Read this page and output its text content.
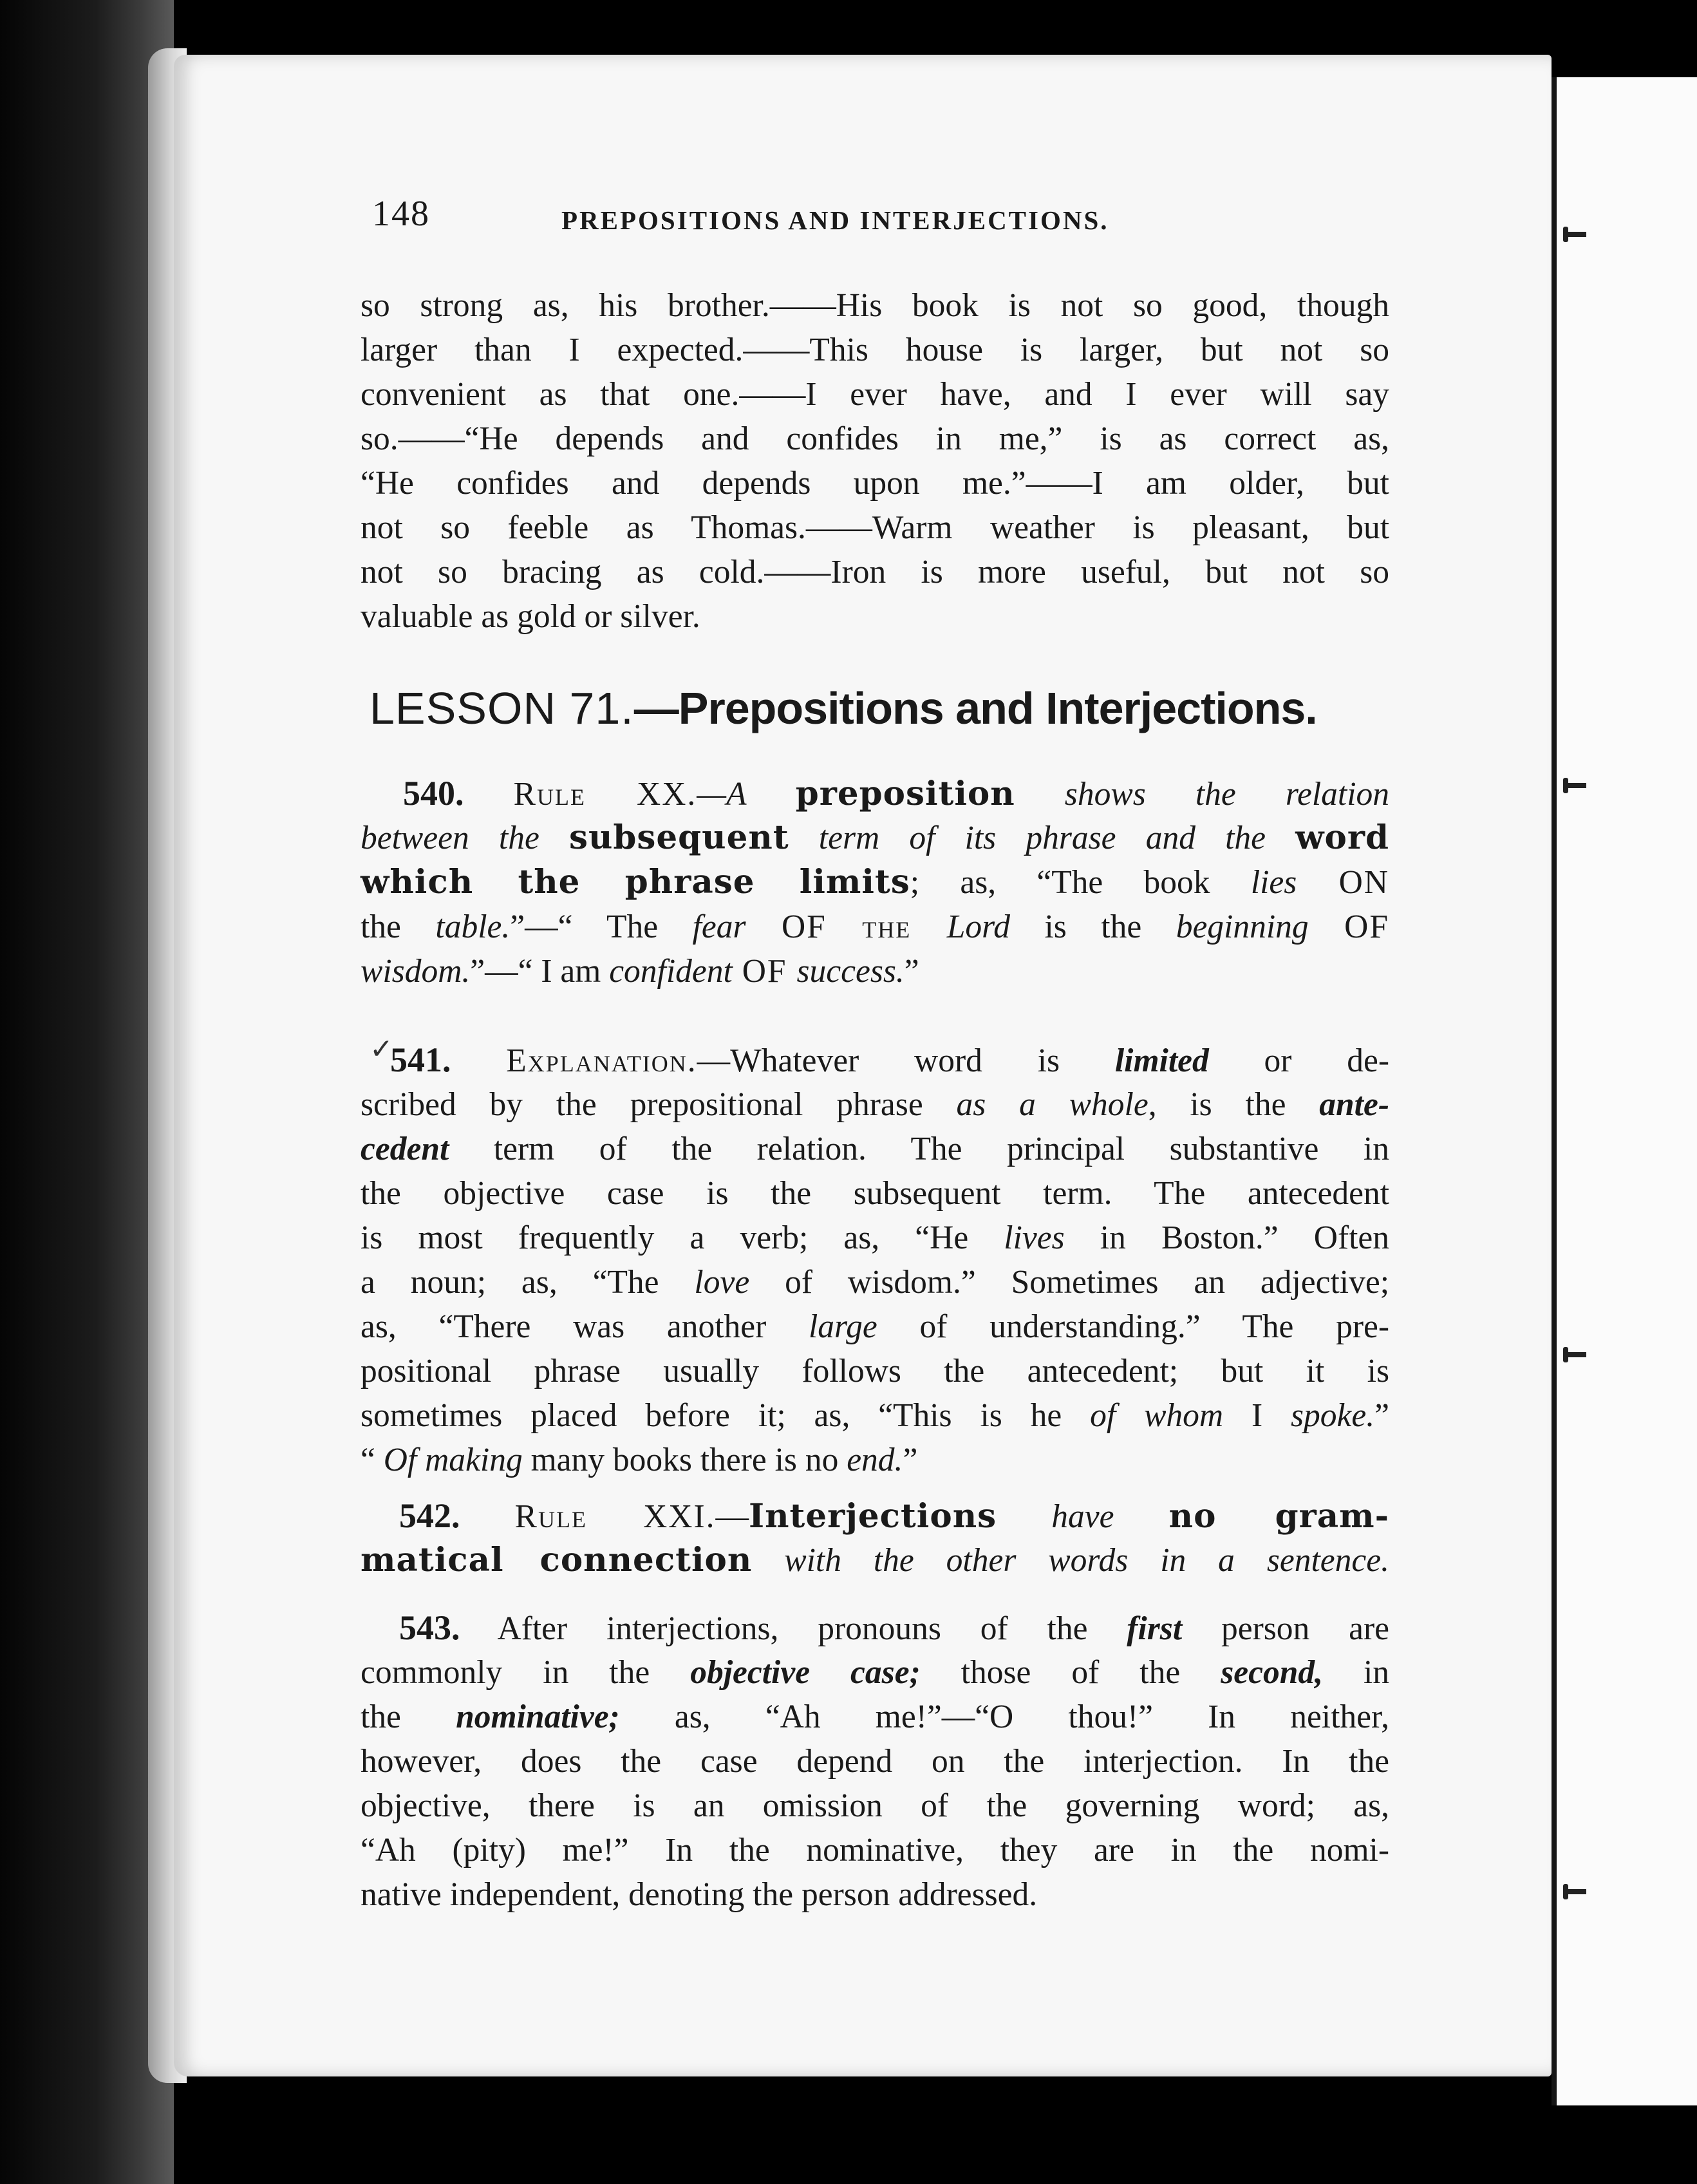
148	PREPOSITIONS AND INTERJECTIONS.
so strong as, his brother.——His book is not so good, though
larger than I expected.——This house is larger, but not so
convenient as that one.——I ever have, and I ever will say
so.——“He depends and confides in me,” is as correct as,
“He confides and depends upon me.”——I am older, but
not so feeble as Thomas.——Warm weather is pleasant, but
not so bracing as cold.——Iron is more useful, but not so
valuable as gold or silver.
LESSON 71.—Prepositions and Interjections.
540. Rule XX.—A preposition shows the relation
between the subsequent term of its phrase and the word
which the phrase limits; as, “The book lies ON
the table.”—“ The fear OF the Lord is the beginning OF
wisdom.”—“ I am confident OF success.”
✓
541. Explanation.—Whatever word is limited or de-
scribed by the prepositional phrase as a whole, is the ante-
cedent term of the relation. The principal substantive in
the objective case is the subsequent term. The antecedent
is most frequently a verb; as, “He lives in Boston.” Often
a noun; as, “The love of wisdom.” Sometimes an adjective;
as, “There was another large of understanding.” The pre-
positional phrase usually follows the antecedent; but it is
sometimes placed before it; as, “This is he of whom I spoke.”
“ Of making many books there is no end.”
542. Rule XXI.—Interjections have no gram-
matical connection with the other words in a sentence.
543. After interjections, pronouns of the first person are
commonly in the objective case; those of the second, in
the nominative; as, “Ah me!”—“O thou!” In neither,
however, does the case depend on the interjection. In the
objective, there is an omission of the governing word; as,
“Ah (pity) me!” In the nominative, they are in the nomi-
native independent, denoting the person addressed.
